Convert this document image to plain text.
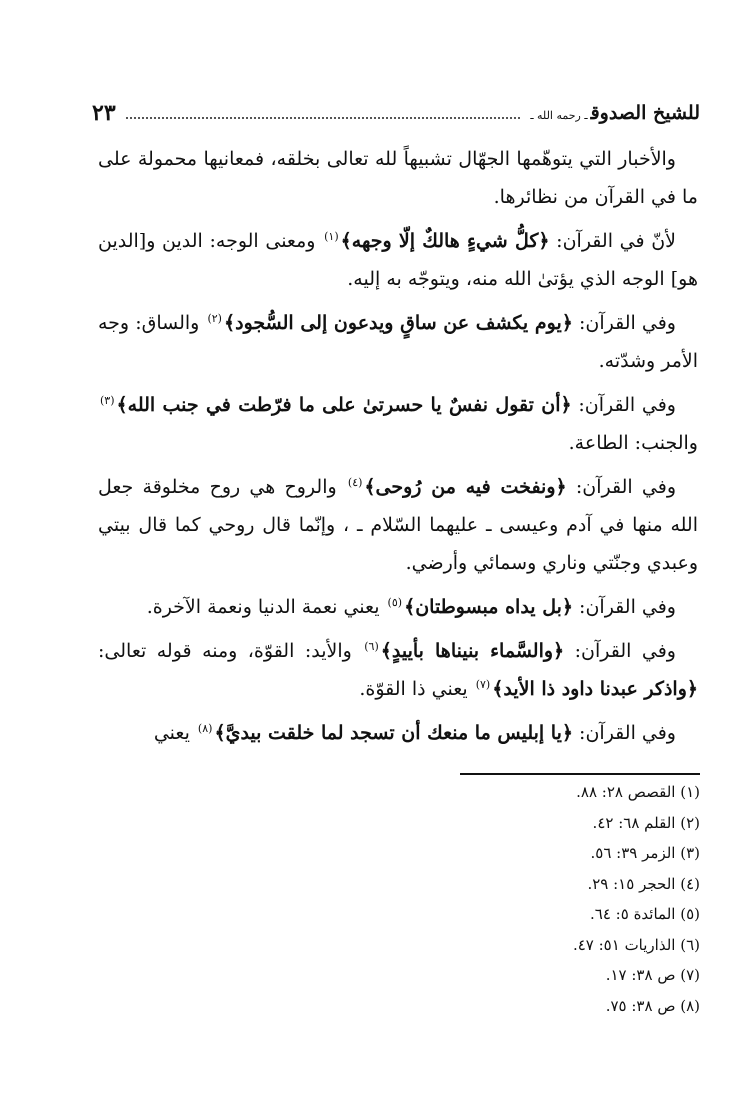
للشيخ الصدوقـ رحمه الله ـ
٢٣

والأخبار التي يتوهّمها الجهّال تشبيهاً لله تعالى بخلقه، فمعانيها محمولة على ما في القرآن من نظائرها.

لأنّ في القرآن: ﴿كلُّ شيءٍ هالكٌ إلّا وجهه﴾$^{(١)}$ ومعنى الوجه: الدين و[الدين هو] الوجه الذي يؤتىٰ الله منه، ويتوجّه به إليه.

وفي القرآن: ﴿يوم يكشف عن ساقٍ ويدعون إلى السُّجود﴾$^{(٢)}$ والساق: وجه الأمر وشدّته.

وفي القرآن: ﴿أن تقول نفسٌ يا حسرتىٰ على ما فرّطت في جنب الله﴾$^{(٣)}$ والجنب: الطاعة.

وفي القرآن: ﴿ونفخت فيه من رُوحى﴾$^{(٤)}$ والروح هي روح مخلوقة جعل الله منها في آدم وعيسى ـ عليهما السّلام ـ ، وإنّما قال روحي كما قال بيتي وعبدي وجنّتي وناري وسمائي وأرضي.

وفي القرآن: ﴿بل يداه مبسوطتان﴾$^{(٥)}$ يعني نعمة الدنيا ونعمة الآخرة.

وفي القرآن: ﴿والسَّماء بنيناها بأييدٍ﴾$^{(٦)}$ والأيد: القوّة، ومنه قوله تعالى: ﴿واذكر عبدنا داود ذا الأيد﴾$^{(٧)}$ يعني ذا القوّة.

وفي القرآن: ﴿يا إبليس ما منعك أن تسجد لما خلقت بيديَّ﴾$^{(٨)}$ يعني

(١) القصص ٢٨: ٨٨.
(٢) القلم ٦٨: ٤٢.
(٣) الزمر ٣٩: ٥٦.
(٤) الحجر ١٥: ٢٩.
(٥) المائدة ٥: ٦٤.
(٦) الذاريات ٥١: ٤٧.
(٧) ص ٣٨: ١٧.
(٨) ص ٣٨: ٧٥.
